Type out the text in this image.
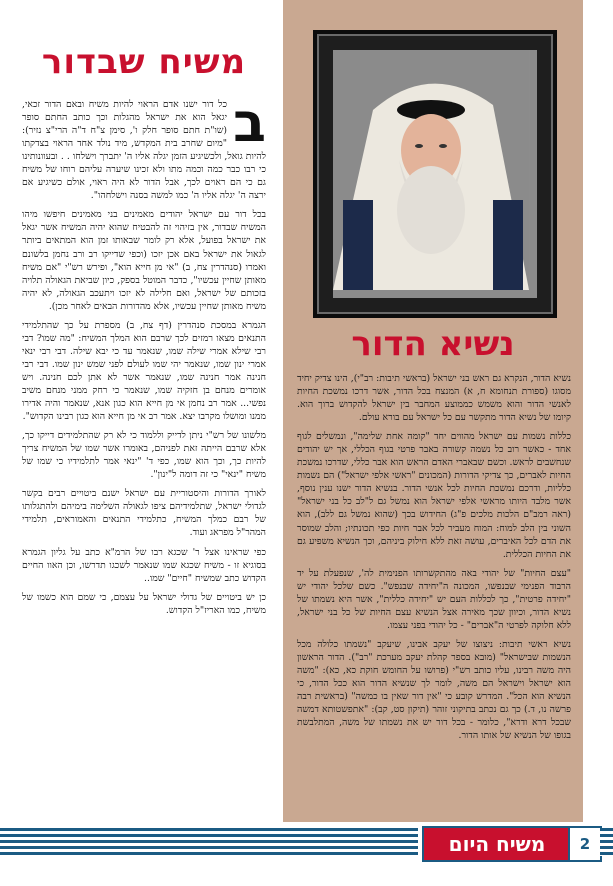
משיח שבדור

ב
כל דור ישנו אדם הראוי להיות משיח ובאם הדור זכאי, יגאל הוא את ישראל מהגלות וכך כותב החתם סופר (שו"ת חתם סופר חלק ו', סימן צ"ח ד"ה הרי"צ נזיר): "מיום שחרב בית המקדש, מיד נולד אחד הראוי בצדקתו להיות גואל, ולכשיגיע הזמן יגלה אליו ה' יתברך וישלחו . . ובעוונותינו כי רבו כבר כמה וכמה מתו ולא זכינו שיערה עליהם רוחו של משיח גם כי הם ראוים לכך, אבל הדור לא היה ראוי, אולם כשיגיע אם ירצה ה' יגלה אליו ה' כמו למשה בסנה וישלחהו".

בכל דור עם ישראל יהודים מאמינים בני מאמינים חיפשו מיהו המשיח שבדור, אין בזיהוי זה להבטיח שהוא יהיה המשיח אשר יגאל את ישראל בפועל, אלא רק לומר שבאותו זמן הוא המתאים ביותר לגאול את ישראל באם אכן יזכו (וכפי שדייקו רב ורב נחמן בלשונם ואמרו (סנהדרין צח, ב) "אי מן חייא הוא", ופירש רש"י "אם משיח מאותן שחיין עכשיו", כדבר המוטל בספק, כיון שביאת הגאולה תלויה בזכותם של ישראל, ואם חלילה לא יזכו ויתעכב הגאולה, לא יהיה משיח מאותן שחיין עכשיו, אלא מהדורות הבאים לאחר מכן).

הגמרא במסכת סנהדרין (דף צח, ב) מספרת על כך שהתלמידי התנאים מצאו רמזים לכך שרבם הוא המלך המשיח: "מה שמו? דבי רבי שילא אמרי שילה שמו, שנאמר עד כי יבא שילה. דבי רבי ינאי אמרי ינון שמו, שנאמר יהי שמו לעולם לפני שמש ינון שמו. דבי רבי חנינה אמר חנינה שמו, שנאמר אשר לא אתן לכם חנינה. ויש אומרים מנחם בן חזקיה שמו, שנאמר כי רחק ממני מנחם משיב נפשי... אמר רב נחמן אי מן חייא הוא כגון אנא, שנאמר והיה אדירו ממנו ומושלו מקרבו יצא. אמר רב אי מן חייא הוא כגון רבינו הקדוש".

מלשונו של רש"י ניתן לדייק וללמוד כי לא רק שהתלמידים דייקו כך, אלא שרבם הייתה זאת לפניהם, באומרו אשר שמו של המשיח צריך להיות כך, וכך הוא שמו, כפי ד' "ינאי אמר לתלמידיו כי שמו של משיח "ינאי" כי זה דומה ל"ינון".

לאורך הדורות והיסטוריית עם ישראל ישנם ביטויים רבים בקשר לגדולי ישראל, שתלמידיהם ציפו לגאולה השלימה בימיהם ולהתגלותו של רבם כמלך המשיח, כתלמידי התנאים והאמוראים, תלמידי המהר"ל מפראג ועוד.

כפי שראינו אצל ר' שכגא רבו של הרמ"א כתב על גליון הגמרא בסוגיא זו - משיח שכגא שמו שנאמר לשכגו תדרשו, וכן האוו החיים הקדוש כתב שמשיח "חיים" שמו..

כן יש ביטויים של גדולי ישראל על עצמם, כי שמם הוא כשמו של משיח, כמו האריז"ל הקדוש.

נשיא הדור

נשיא הדור, הנקרא גם ראש בני ישראל (בראשי תיבות: רב"י), הינו צדיק יחיד מסוגו (ספורת תנחומא ח, א) המנצח בכל הדור, אשר דרכו נמשכת החיות לאנשי הדור והוא משמש כממוצע המחבר בין ישראל להקדוש ברוך הוא. קיומו של נשיא הדור מתקשר עם כל ישראל עם בורא עולם.

כללות נשמות עם ישראל מהווים יחד "קומה אחת שלימה", ונמשלים לגוף אחד - כאשר רוב כל נשמה קשורה באבר פרטי בגוף הכללי, אך יש יהודים שנחשבים לראש. וכשם שבאברי האדם הראש הוא אבר כללי, שדרכו נמשכת החיות לאברים, כך צדיקי הדורות (המכונים "ראשי אלפי ישראל") הם נשמות כלליות, ודרכם נמשכת החיות לכל אנשי הדור. בנשיא הדור ישנו ענין נוסף, אשר מלבד היותו מראשי אלפי ישראל הוא נמשל גם ל"לב כל בני ישראל" (ראה רמב"ם הלכות מלכים פ"ג) החידוש בכך (שהוא נמשל גם ללב), הוא השוני בין הלב למוח: המוח מעביר לכל אבר חיות כפי תכונתיו; והלב שמוסר את הדם לכל האיברים, עושה זאת ללא חילוק ביניהם, וכך הנשיא משפיע גם את החיות הכללית.

"עצם החיות" של יהודי באה מהתקשרותו הפנימית לה', שנפעלת על יד הרבוד הפנימי שבנפשו, המכונה ה"יחידה שבנפש". כשם שלכל יהודי יש "יחידה פרטית", כך לכללות העם יש "יחידה כללית", אשר היא נשמתו של נשיא הדור, וכיוון שכך מאירה אצל הנשיא עצם החיות של כל בני ישראל, ללא חלוקה לפרטי ה"אברים" - כל יהודי בפני עצמו.

נשיא ראשי תיבות: ניצוצו של יעקב אבינו, שיעקב "נשמתו כלולה מכל הנשמות שבישראל" (מובא בספר קהלת יעקב מערכת "רב"). הדור הראשון היה משה רבינו, עליו כותב רש"י (פרושו על החומש חוקת כא, כא): "משה הוא ישראל וישראל הם משה, לומר לך שנשיא הדור הוא ככל הדור, כי הנשיא הוא הכל". המדרש קובע כי "אין דור שאין בו כמשה" (בראשית רבה פרשה נו, ד.) כך גם נכתב בתיקוני זוהר (תיקון סט, קב): "אתפשטותא דמשה שבכל דרא ודרא", כלומר - בכל דור יש את נשמתו של משה, המתלבשת בגופו של הנשיא של אותו הדור.

משיח היום	2
